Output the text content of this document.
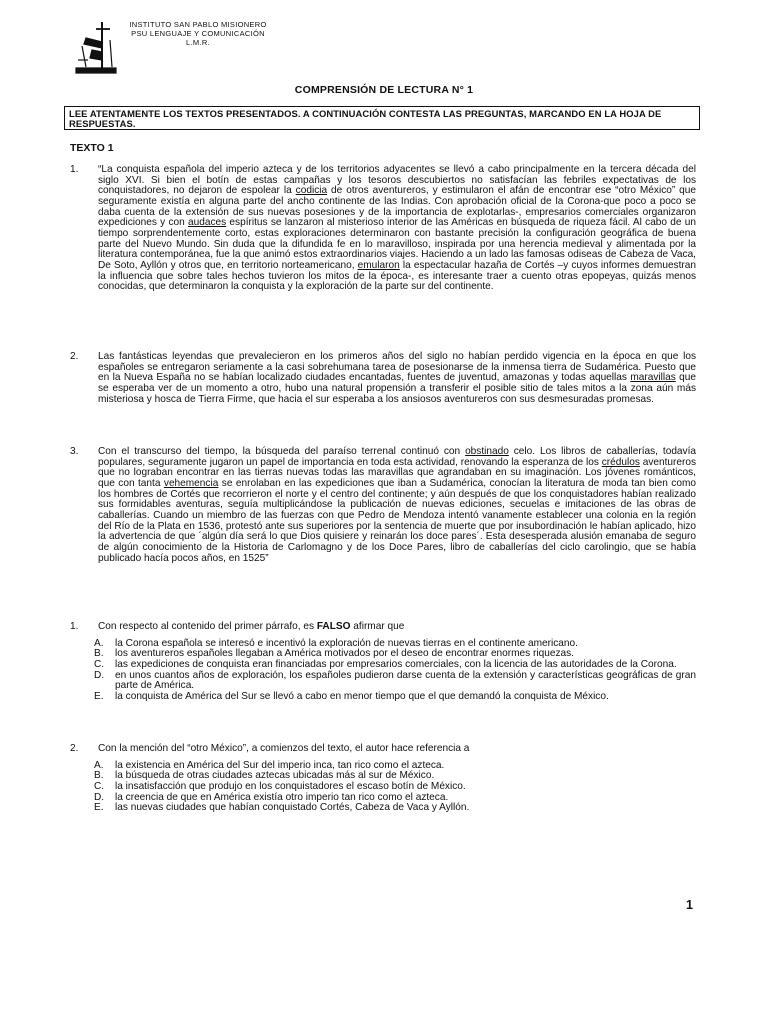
INSTITUTO SAN PABLO MISIONERO
PSU LENGUAJE Y COMUNICACIÓN
L.M.R.
COMPRENSIÓN DE LECTURA N° 1
LEE ATENTAMENTE LOS TEXTOS PRESENTADOS. A CONTINUACIÓN CONTESTA LAS PREGUNTAS, MARCANDO EN LA HOJA DE RESPUESTAS.
TEXTO 1
1. “La conquista española del imperio azteca y de los territorios adyacentes se llevó a cabo principalmente en la tercera década del siglo XVI. Si bien el botín de estas campañas y los tesoros descubiertos no satisfacían las febriles expectativas de los conquistadores, no dejaron de espolear la codicia de otros aventureros, y estimularon el afán de encontrar ese “otro México” que seguramente existía en alguna parte del ancho continente de las Indias. Con aprobación oficial de la Corona-que poco a poco se daba cuenta de la extensión de sus nuevas posesiones y de la importancia de explotarlas-, empresarios comerciales organizaron expediciones y con audaces espíritus se lanzaron al misterioso interior de las Américas en búsqueda de riqueza fácil. Al cabo de un tiempo sorprendentemente corto, estas exploraciones determinaron con bastante precisión la configuración geográfica de buena parte del Nuevo Mundo. Sin duda que la difundida fe en lo maravilloso, inspirada por una herencia medieval y alimentada por la literatura contemporánea, fue la que animó estos extraordinarios viajes. Haciendo a un lado las famosas odiseas de Cabeza de Vaca, De Soto, Ayllón y otros que, en territorio norteamericano, emularon la espectacular hazaña de Cortés –y cuyos informes demuestran la influencia que sobre tales hechos tuvieron los mitos de la época-, es interesante traer a cuento otras epopeyas, quizás menos conocidas, que determinaron la conquista y la exploración de la parte sur del continente.
2. Las fantásticas leyendas que prevalecieron en los primeros años del siglo no habían perdido vigencia en la época en que los españoles se entregaron seriamente a la casi sobrehumana tarea de posesionarse de la inmensa tierra de Sudamérica. Puesto que en la Nueva España no se habían localizado ciudades encantadas, fuentes de juventud, amazonas y todas aquellas maravillas que se esperaba ver de un momento a otro, hubo una natural propensión a transferir el posible sitio de tales mitos a la zona aún más misteriosa y hosca de Tierra Firme, que hacia el sur esperaba a los ansiosos aventureros con sus desmesuradas promesas.
3. Con el transcurso del tiempo, la búsqueda del paraíso terrenal continuó con obstinado celo. Los libros de caballerías, todavía populares, seguramente jugaron un papel de importancia en toda esta actividad, renovando la esperanza de los crédulos aventureros que no lograban encontrar en las tierras nuevas todas las maravillas que agrandaban en su imaginación. Los jóvenes románticos, que con tanta vehemencia se enrolaban en las expediciones que iban a Sudamérica, conocían la literatura de moda tan bien como los hombres de Cortés que recorrieron el norte y el centro del continente; y aún después de que los conquistadores habían realizado sus formidables aventuras, seguía multiplicándose la publicación de nuevas ediciones, secuelas e imitaciones de las obras de caballerías. Cuando un miembro de las fuerzas con que Pedro de Mendoza intentó vanamente establecer una colonia en la región del Río de la Plata en 1536, protestó ante sus superiores por la sentencia de muerte que por insubordinación le habían aplicado, hizo la advertencia de que ´algún día será lo que Dios quisiere y reinarán los doce pares´. Esta desesperada alusión emanaba de seguro de algún conocimiento de la Historia de Carlomagno y de los Doce Pares, libro de caballerías del ciclo carolingio, que se había publicado hacía pocos años, en 1525”
1. Con respecto al contenido del primer párrafo, es FALSO afirmar que
A.	la Corona española se interesó e incentivó la exploración de nuevas tierras en el continente americano.
B.	los aventureros españoles llegaban a América motivados por el deseo de encontrar enormes riquezas.
C.	las expediciones de conquista eran financiadas por empresarios comerciales, con la licencia de las autoridades de la Corona.
D.	en unos cuantos años de exploración, los españoles pudieron darse cuenta de la extensión y características geográficas de gran parte de América.
E.	la conquista de América del Sur se llevó a cabo en menor tiempo que el que demandó la conquista de México.
2. Con la mención del “otro México”, a comienzos del texto, el autor hace referencia a
A.	la existencia en América del Sur del imperio inca, tan rico como el azteca.
B.	la búsqueda de otras ciudades aztecas ubicadas más al sur de México.
C.	la insatisfacción que produjo en los conquistadores el escaso botín de México.
D.	la creencia de que en América existía otro imperio tan rico como el azteca.
E.	las nuevas ciudades que habían conquistado Cortés, Cabeza de Vaca y Ayllón.
1
